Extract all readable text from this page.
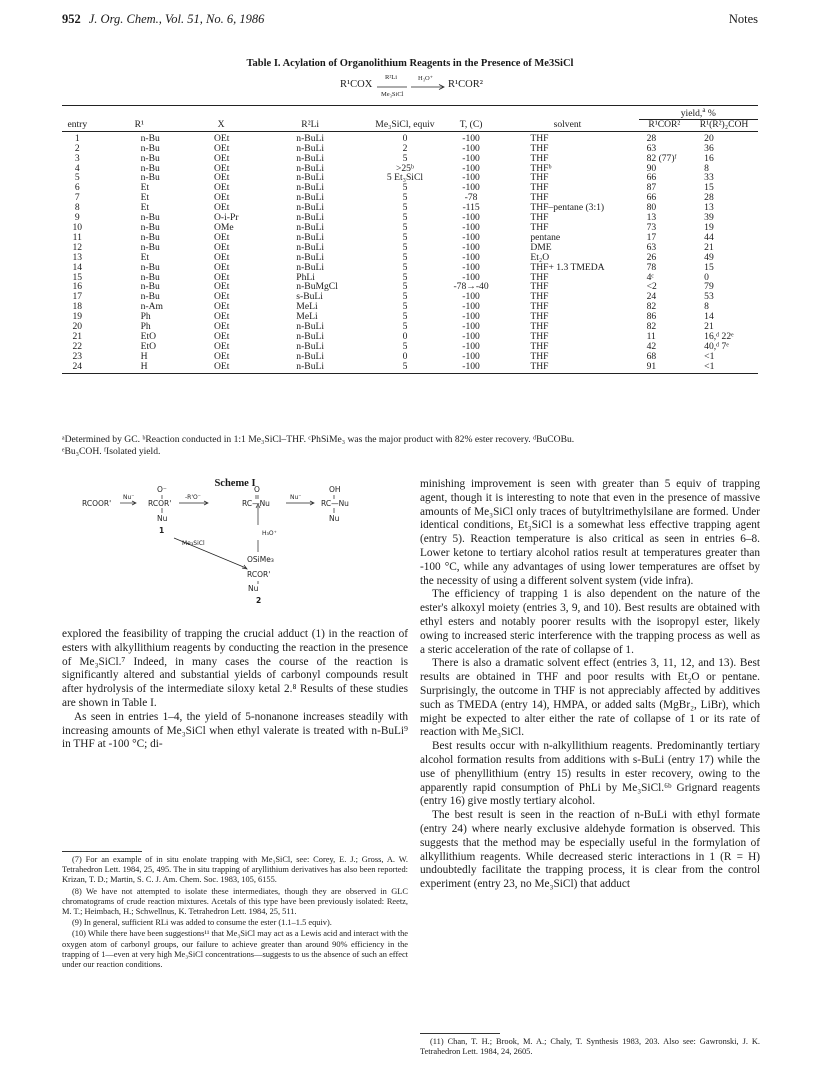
952 J. Org. Chem., Vol. 51, No. 6, 1986	Notes
Table I. Acylation of Organolithium Reagents in the Presence of Me3SiCl
R¹COX
R²Li
Me₃SiCl
H₃O⁺
R¹COR²
							yield,$^a$ %	
entry	R¹	X	R²Li	Me₃SiCl, equiv	T, (C)	solvent	R¹COR²	R¹(R²)₂COH
1	n-Bu	OEt	n-BuLi	0	-100	THF	28	20
2	n-Bu	OEt	n-BuLi	2	-100	THF	63	36
3	n-Bu	OEt	n-BuLi	5	-100	THF	82 (77)ᶠ	16
4	n-Bu	OEt	n-BuLi	>25ᵇ	-100	THFᵇ	90	8
5	n-Bu	OEt	n-BuLi	5 Et₃SiCl	-100	THF	66	33
6	Et	OEt	n-BuLi	5	-100	THF	87	15
7	Et	OEt	n-BuLi	5	-78	THF	66	28
8	Et	OEt	n-BuLi	5	-115	THF–pentane (3:1)	80	13
9	n-Bu	O-i-Pr	n-BuLi	5	-100	THF	13	39
10	n-Bu	OMe	n-BuLi	5	-100	THF	73	19
11	n-Bu	OEt	n-BuLi	5	-100	pentane	17	44
12	n-Bu	OEt	n-BuLi	5	-100	DME	63	21
13	Et	OEt	n-BuLi	5	-100	Et₂O	26	49
14	n-Bu	OEt	n-BuLi	5	-100	THF+ 1.3 TMEDA	78	15
15	n-Bu	OEt	PhLi	5	-100	THF	4ᶜ	0
16	n-Bu	OEt	n-BuMgCl	5	-78→-40	THF	<2	79
17	n-Bu	OEt	s-BuLi	5	-100	THF	24	53
18	n-Am	OEt	MeLi	5	-100	THF	82	8
19	Ph	OEt	MeLi	5	-100	THF	86	14
20	Ph	OEt	n-BuLi	5	-100	THF	82	21
21	EtO	OEt	n-BuLi	0	-100	THF	11	16,ᵈ 22ᵉ
22	EtO	OEt	n-BuLi	5	-100	THF	42	40,ᵈ 7ᵉ
23	H	OEt	n-BuLi	0	-100	THF	68	<1
24	H	OEt	n-BuLi	5	-100	THF	91	<1
ᵃDetermined by GC. ᵇReaction conducted in 1:1 Me₃SiCl–THF. ᶜPhSiMe₃ was the major product with 82% ester recovery. ᵈBuCOBu.
ᵉBu₃COH. ᶠIsolated yield.
Scheme I
RCOOR'
Nu⁻
O⁻
RCOR'
Nu
1
-R'O⁻
O
RC—Nu
Nu⁻
OH
RC—Nu
Nu
H₃O⁺
Me₃SiCl
OSiMe₃
RCOR'
Nu
2

explored the feasibility of trapping the crucial adduct (1) in the reaction of esters with alkyllithium reagents by conducting the reaction in the presence of Me₃SiCl.⁷ Indeed, in many cases the course of the reaction is significantly altered and substantial yields of carbonyl compounds result after hydrolysis of the intermediate siloxy ketal 2.⁸ Results of these studies are shown in Table I.

As seen in entries 1–4, the yield of 5-nonanone increases steadily with increasing amounts of Me₃SiCl when ethyl valerate is treated with n-BuLi⁹ in THF at -100 °C; di-

(7) For an example of in situ enolate trapping with Me₃SiCl, see: Corey, E. J.; Gross, A. W. Tetrahedron Lett. 1984, 25, 495. The in situ trapping of aryllithium derivatives has also been reported: Krizan, T. D.; Martin, S. C. J. Am. Chem. Soc. 1983, 105, 6155.

(8) We have not attempted to isolate these intermediates, though they are observed in GLC chromatograms of crude reaction mixtures. Acetals of this type have been previously isolated: Reetz, M. T.; Heimbach, H.; Schwellnus, K. Tetrahedron Lett. 1984, 25, 511.

(9) In general, sufficient RLi was added to consume the ester (1.1–1.5 equiv).

(10) While there have been suggestions¹¹ that Me₃SiCl may act as a Lewis acid and interact with the oxygen atom of carbonyl groups, our failure to achieve greater than around 90% efficiency in the trapping of 1—even at very high Me₃SiCl concentrations—suggests to us the absence of such an effect under our reaction conditions.

minishing improvement is seen with greater than 5 equiv of trapping agent, though it is interesting to note that even in the presence of massive amounts of Me₃SiCl only traces of butyltrimethylsilane are formed. Under identical conditions, Et₃SiCl is a somewhat less effective trapping agent (entry 5). Reaction temperature is also critical as seen in entries 6–8. Lower ketone to tertiary alcohol ratios result at temperatures greater than -100 °C, while any advantages of using lower temperatures are offset by the necessity of using a different solvent system (vide infra).

The efficiency of trapping 1 is also dependent on the nature of the ester's alkoxyl moiety (entries 3, 9, and 10). Best results are obtained with ethyl esters and notably poorer results with the isopropyl ester, likely owing to increased steric interference with the trapping process as well as a steric acceleration of the rate of collapse of 1.

There is also a dramatic solvent effect (entries 3, 11, 12, and 13). Best results are obtained in THF and poor results with Et₂O or pentane. Surprisingly, the outcome in THF is not appreciably affected by additives such as TMEDA (entry 14), HMPA, or added salts (MgBr₂, LiBr), which might be expected to alter either the rate of collapse of 1 or its rate of reaction with Me₃SiCl.

Best results occur with n-alkyllithium reagents. Predominantly tertiary alcohol formation results from additions with s-BuLi (entry 17) while the use of phenyllithium (entry 15) results in ester recovery, owing to the apparently rapid consumption of PhLi by Me₃SiCl.⁶ᵇ Grignard reagents (entry 16) give mostly tertiary alcohol.

The best result is seen in the reaction of n-BuLi with ethyl formate (entry 24) where nearly exclusive aldehyde formation is observed. This suggests that the method may be especially useful in the formylation of alkyllithium reagents. While decreased steric interactions in 1 (R = H) undoubtedly facilitate the trapping process, it is clear from the control experiment (entry 23, no Me₃SiCl) that adduct

(11) Chan, T. H.; Brook, M. A.; Chaly, T. Synthesis 1983, 203. Also see: Gawronski, J. K. Tetrahedron Lett. 1984, 24, 2605.
